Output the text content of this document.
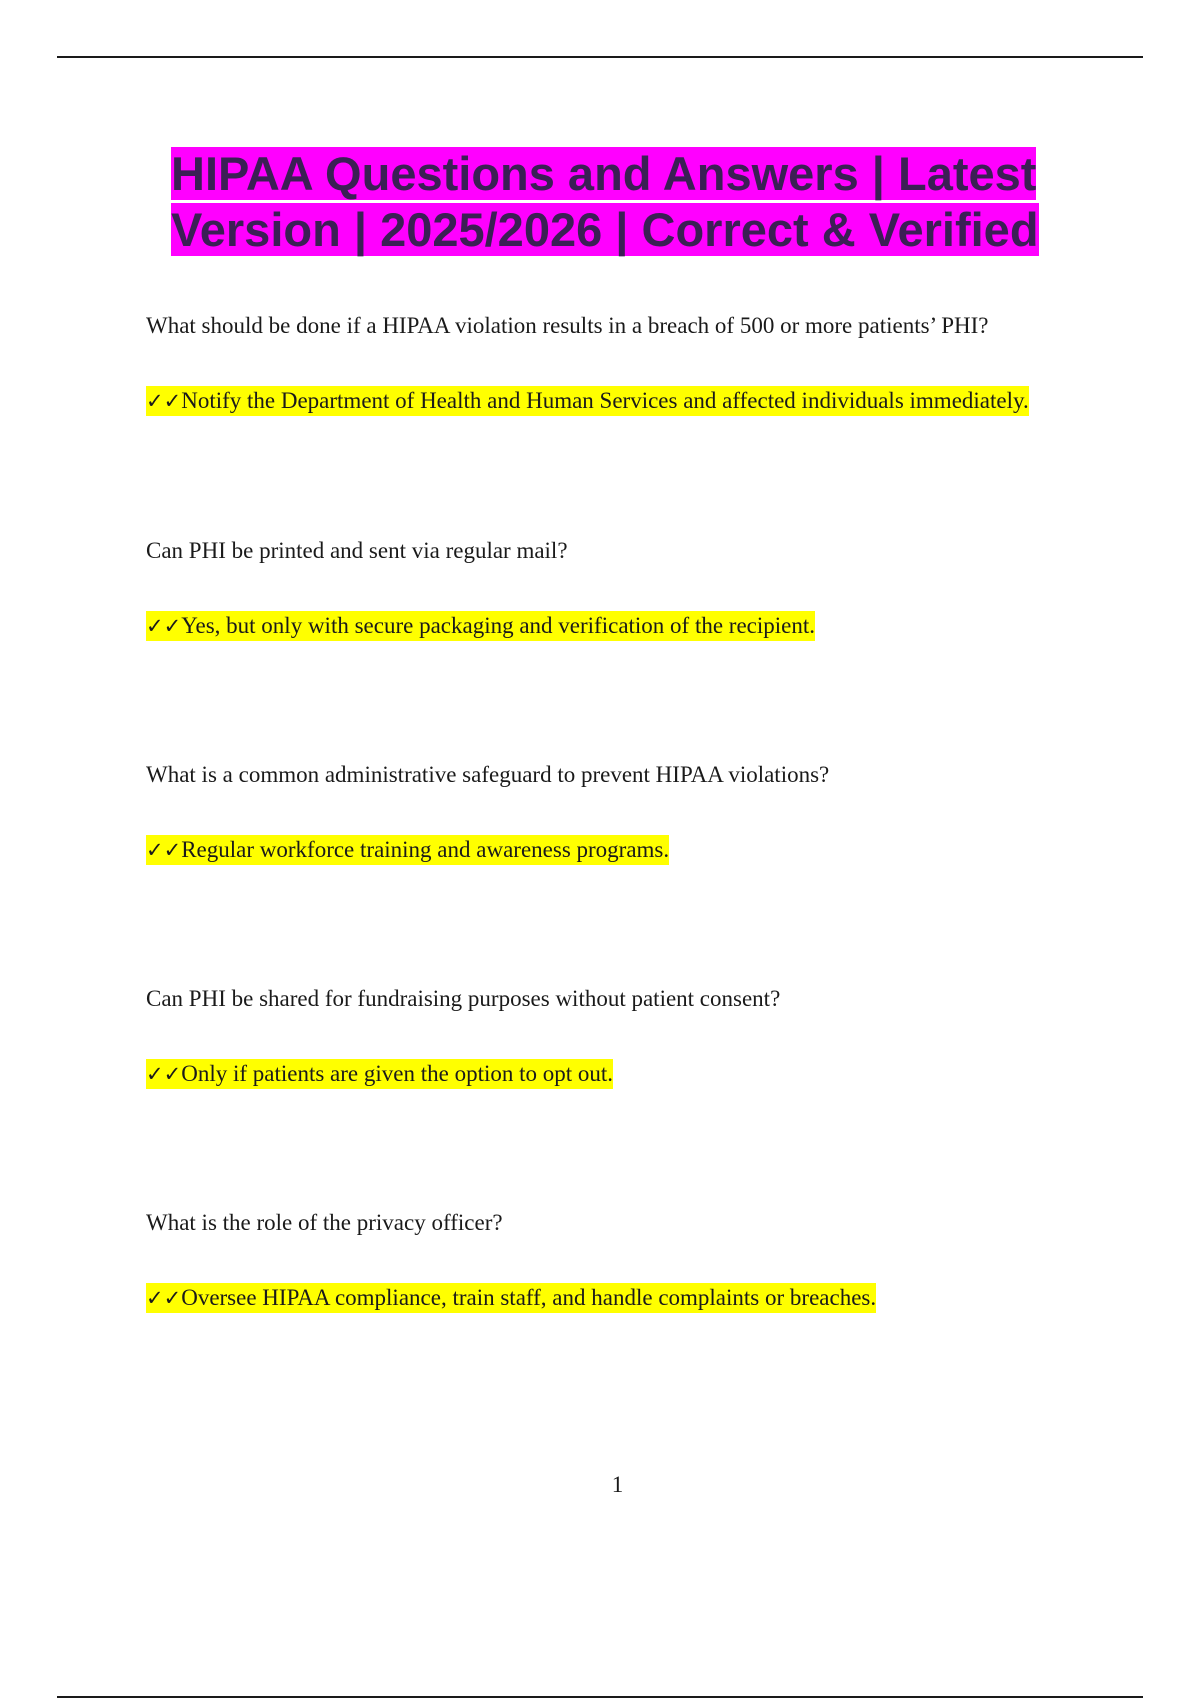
HIPAA Questions and Answers | Latest
Version | 2025/2026 | Correct & Verified

What should be done if a HIPAA violation results in a breach of 500 or more patients’ PHI?

✓✓Notify the Department of Health and Human Services and affected individuals immediately.

Can PHI be printed and sent via regular mail?

✓✓Yes, but only with secure packaging and verification of the recipient.

What is a common administrative safeguard to prevent HIPAA violations?

✓✓Regular workforce training and awareness programs.

Can PHI be shared for fundraising purposes without patient consent?

✓✓Only if patients are given the option to opt out.

What is the role of the privacy officer?

✓✓Oversee HIPAA compliance, train staff, and handle complaints or breaches.

1
